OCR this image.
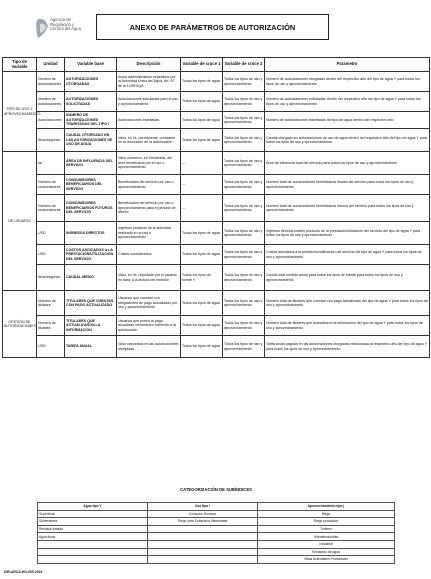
Agencia de
Regulación y
Control del Agua	ANEXO DE PARÁMETROS DE AUTORIZACIÓN
Tipo de Variable	Unidad	Variable base	Descripción	Variable de cruce 1	Variable de cruce 2	Parámetro
TIPO DE USO Y APROVECHAMIENTO	Número de autorizaciones	AUTORIZACIONES OTORGADAS	Actos administrativos expedidos por la Autoridad Única del Agua, Art. 87 de la LORHUyA	Todos los tipos de agua	Todos los tipos de uso y aprovechamiento	Número de autorizaciones otorgadas dentro del respectivo año del tipo de agua Y para todos los tipos de uso y aprovechamiento
	Número de autorizaciones	AUTORIZACIONES SOLICITADAS	Autorizaciones solicitadas para el uso y aprovechamiento	Todos los tipos de agua	Todos los tipos de uso y aprovechamiento	Número de autorizaciones solicitadas dentro del respectivo año del tipo de agua Y para todos los tipos de uso y aprovechamiento
	Autorizaciones	NUMERO DE AUTORIZACIONES TRAMITADAS DEL TIPO I	Autorizaciones tramitadas	Todos los tipos de agua	Todos los tipos de uso y aprovechamiento	Número de autorizaciones tramitadas del tipo de agua dentro del respectivo año
	litros/segundo	CAUDAL OTORGADO EN LAS AUTORIZACIONES DE USO DE AGUA	Valor, en l/s, permanente, constante en la resolución de la autorización	Todos los tipos de agua	Todos los tipos de uso y aprovechamiento	Caudal otorgado en autorizaciones de uso de agua dentro del respectivo año del tipo de agua Y para todos los tipos de uso y aprovechamiento
DE USUARIO	ha	ÁREA DE INFLUENCIA DEL SERVICIO	Valor numérico, en Hectáreas, del área beneficiaria por el uso o aprovechamiento	---	Todos los tipos de uso y aprovechamiento	Área de influencia total del servicio para todos los tipos de uso y aprovechamiento
	Número de consumidores	CONSUMIDORES BENEFICIARIOS DEL SERVICIO	Beneficiarios del servicio por uso o aprovechamiento	---	Todos los tipos de uso y aprovechamiento	Número total de consumidores beneficiarios finales del servicio para todos los tipos de uso y aprovechamiento
	Número de consumidores	CONSUMIDORES BENEFICIARIOS FUTUROS DEL SERVICIO	Beneficiarios del servicio por uso o aprovechamiento para el periodo de diseño	---	Todos los tipos de uso y aprovechamiento	Número total de consumidores beneficiarios futuros del servicio para todos los tipos de uso y aprovechamiento
	USD	INGRESOS DIRECTOS	Ingresos producto de la actividad realizada en el uso o aprovechamiento	Todos los tipos de agua	Todos los tipos de uso y aprovechamiento	Ingresos directos totales producto de la prestación/utilización del servicio del tipo de agua Y para todos los tipos de uso y aprovechamiento
	USD	COSTOS ASOCIADOS A LA PRESTACIÓN/UTILIZACIÓN DEL SERVICIO	Costos considerados	Todos los tipos de agua	Todos los tipos de uso y aprovechamiento	Costos asociados a la prestación/utilización del servicio del tipo de agua Y para todos los tipos de uso y aprovechamiento
	litros/segundo	CAUDAL MEDIO	Valor, en l/s, reportado por el usuario en base a la lectura del medidor	Todos los tipos de fuente Y	Todos los tipos de uso y aprovechamiento	Caudal total medido anual para todos los tipos de fuente para todos los tipos de uso y aprovechamiento
GESTIÓN DE AUTORIZACIONES	Número de titulares	TITULARES QUE CUENTAN CON PAGO ACTUALIZADO	Usuarios que cuentan con obligaciones de pago actualizado por uso y aprovechamiento	Todos los tipos de agua	Todos los tipos de uso y aprovechamiento	Número total de titulares que cuentan con pago actualizado del tipo de agua Y para todos los tipos de uso y aprovechamiento
	Número de titulares	TITULARES QUE ACTUALIZARON LA INFORMACIÓN	Usuarios que previo al pago actualizan información referente a la autorización	Todos los tipos de agua	Todos los tipos de uso y aprovechamiento	Número total de titulares que actualizaron la información del tipo de agua Y para todos los tipos de uso y aprovechamiento
	USD	TARIFA ANUAL	Valor cancelado en las autorizaciones otorgadas	Todos los tipos de agua	Todos los tipos de uso y aprovechamiento	Tarifa anual pagada en las autorizaciones otorgadas relacionada al respectivo año del tipo de agua Y para todos los tipos de uso y aprovechamiento
CATEGORIZACIÓN DE SUBÍNDICES
Agua tipo Y	Uso tipo i	Aprovechamiento tipo j
Superficial	Consumo Humano	Riego
Subterránea	Riego para Soberanía Alimentaria	Riego productivo
Residual tratada		Turismo
Agua lluvia		Hidroelectricidad
		Industrial
		Envasado de Agua
		Otras Actividades Productivas
DIR-ARCA-HG-005-2016
